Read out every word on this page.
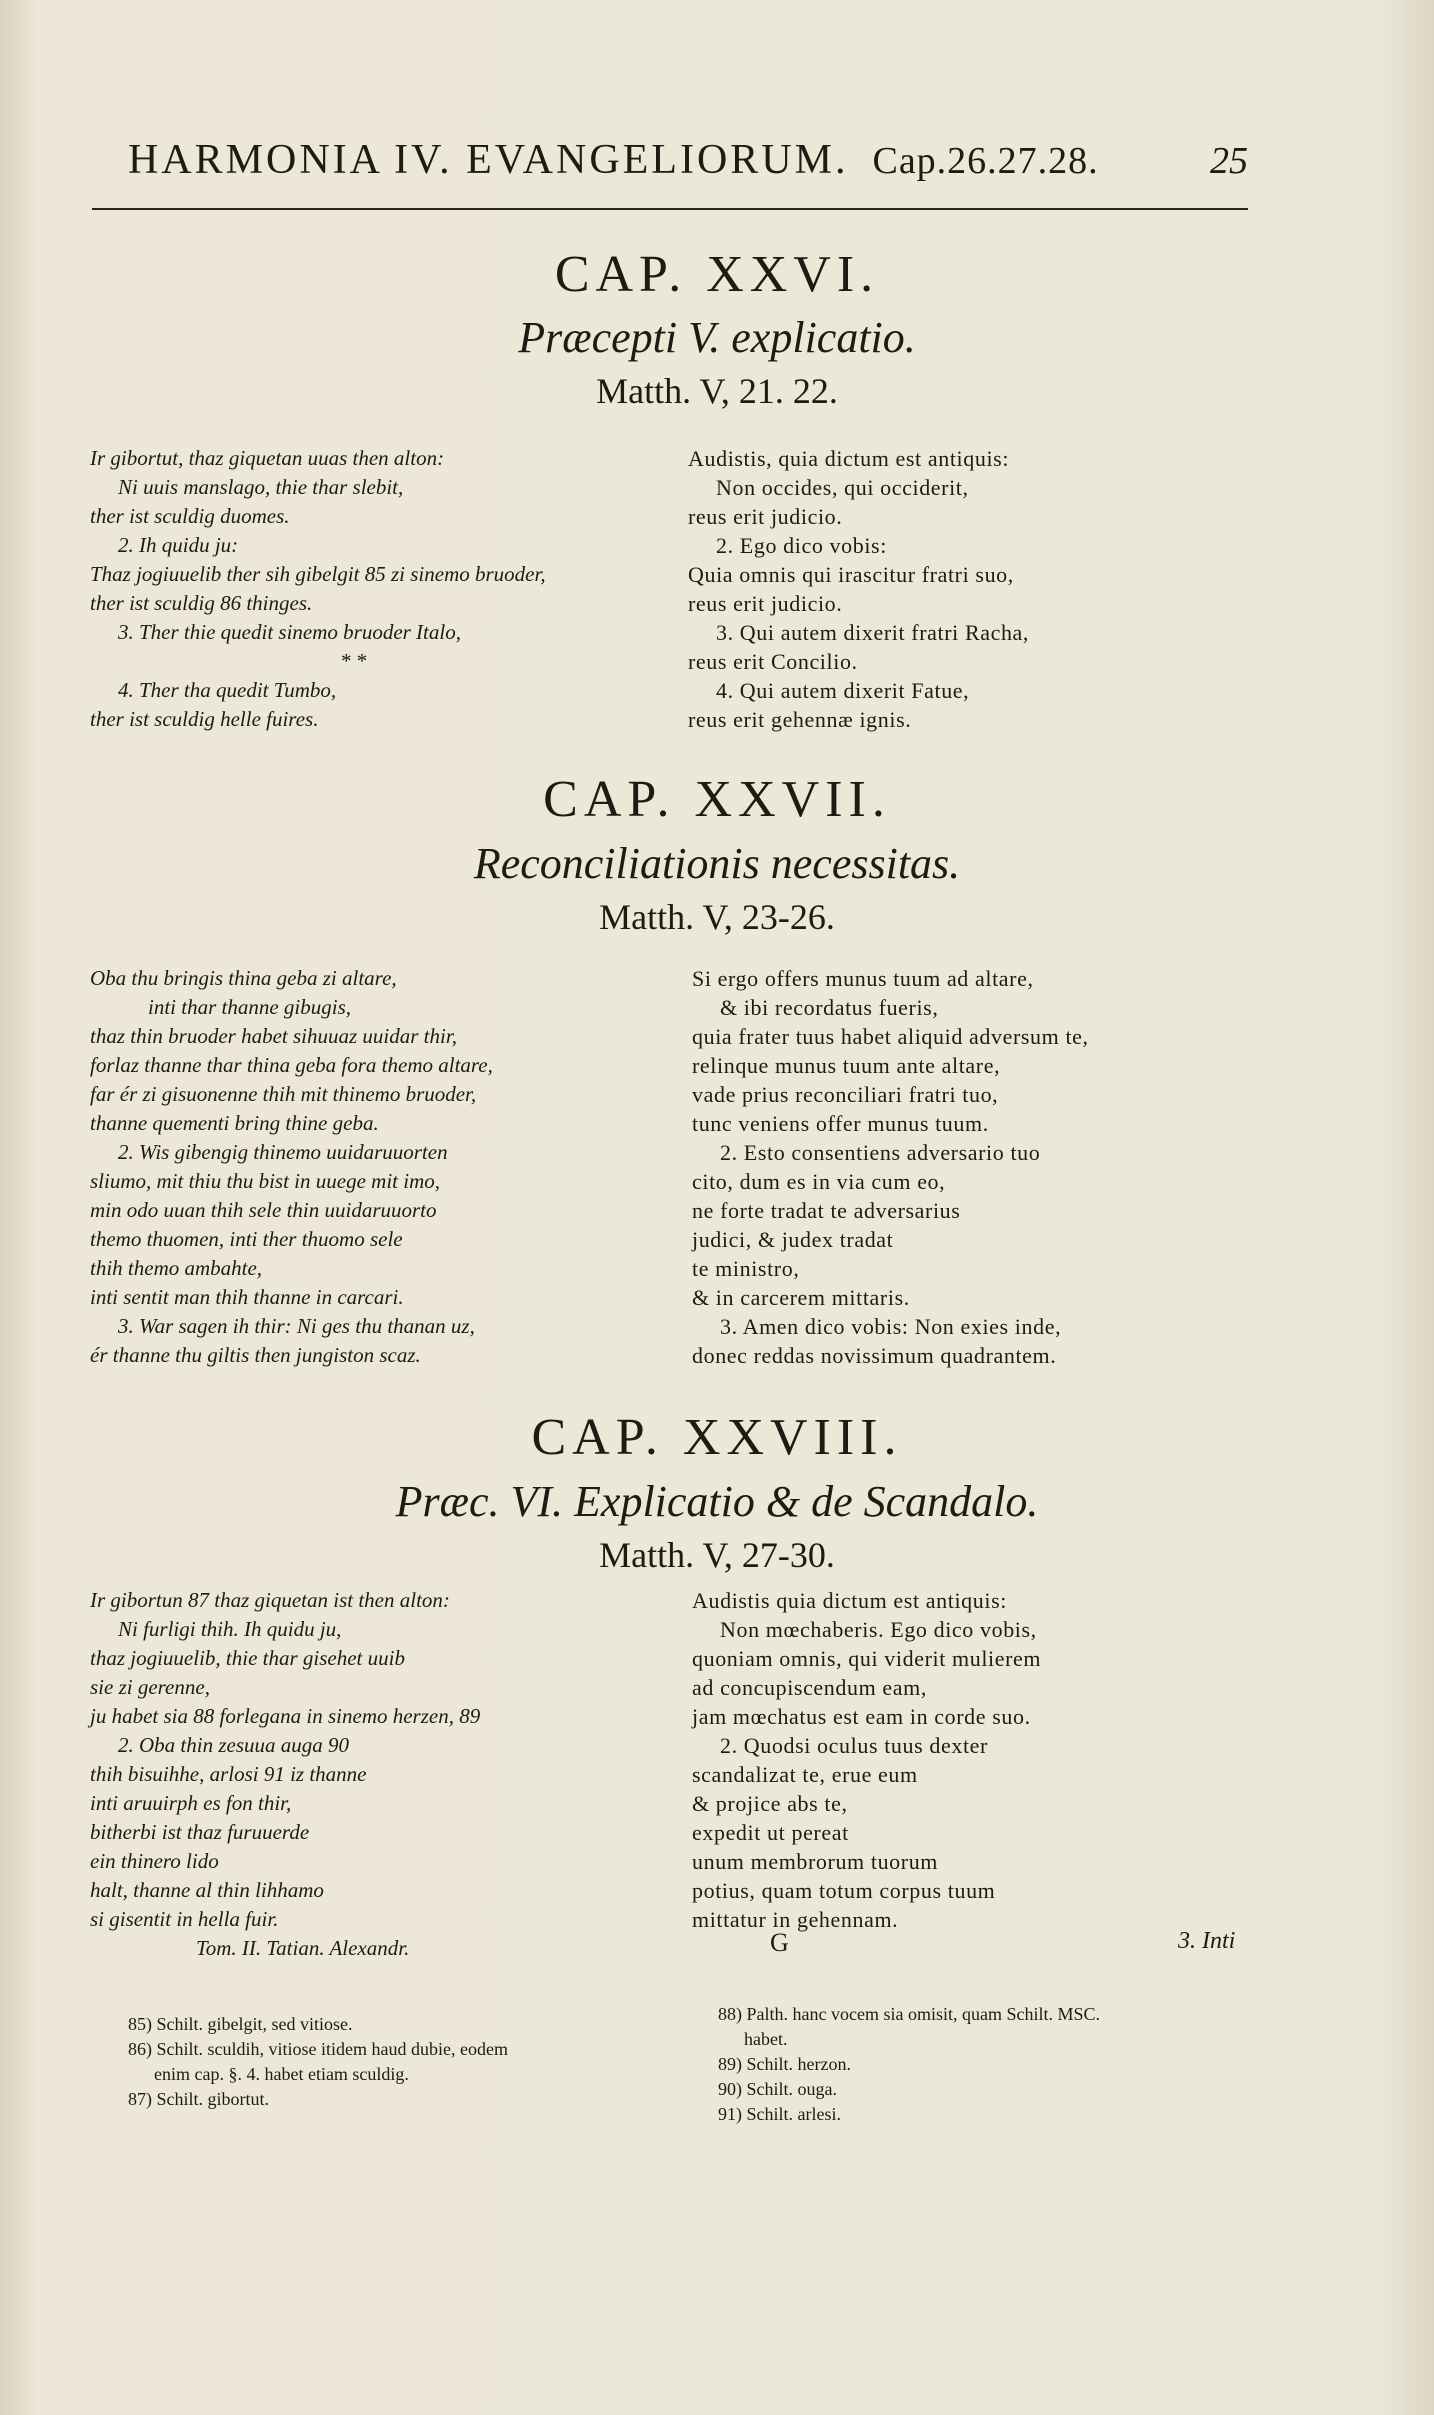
HARMONIA IV. EVANGELIORUM. Cap.26.27.28.	25
CAP. XXVI.
Præcepti V. explicatio.
Matth. V, 21. 22.
Ir gibortut, thaz giquetan uuas then alton:
Ni uuis manslago, thie thar slebit,
ther ist sculdig duomes.
2. Ih quidu ju:
Thaz jogiuuelib ther sih gibelgit 85 zi sinemo bruoder,
ther ist sculdig 86 thinges.
3. Ther thie quedit sinemo bruoder Italo,
* *
4. Ther tha quedit Tumbo,
ther ist sculdig helle fuires.
Audistis, quia dictum est antiquis:
Non occides, qui occiderit,
reus erit judicio.
2. Ego dico vobis:
Quia omnis qui irascitur fratri suo,
reus erit judicio.
3. Qui autem dixerit fratri Racha,
reus erit Concilio.
4. Qui autem dixerit Fatue,
reus erit gehennæ ignis.
CAP. XXVII.
Reconciliationis necessitas.
Matth. V, 23-26.
Oba thu bringis thina geba zi altare,
inti thar thanne gibugis,
thaz thin bruoder habet sihuuaz uuidar thir,
forlaz thanne thar thina geba fora themo altare,
far ér zi gisuonenne thih mit thinemo bruoder,
thanne quementi bring thine geba.
2. Wis gibengig thinemo uuidaruuorten
sliumo, mit thiu thu bist in uuege mit imo,
min odo uuan thih sele thin uuidaruuorto
themo thuomen, inti ther thuomo sele
thih themo ambahte,
inti sentit man thih thanne in carcari.
3. War sagen ih thir: Ni ges thu thanan uz,
ér thanne thu giltis then jungiston scaz.
Si ergo offers munus tuum ad altare,
& ibi recordatus fueris,
quia frater tuus habet aliquid adversum te,
relinque munus tuum ante altare,
vade prius reconciliari fratri tuo,
tunc veniens offer munus tuum.
2. Esto consentiens adversario tuo
cito, dum es in via cum eo,
ne forte tradat te adversarius
judici, & judex tradat
te ministro,
& in carcerem mittaris.
3. Amen dico vobis: Non exies inde,
donec reddas novissimum quadrantem.
CAP. XXVIII.
Præc. VI. Explicatio & de Scandalo.
Matth. V, 27-30.
Ir gibortun 87 thaz giquetan ist then alton:
Ni furligi thih. Ih quidu ju,
thaz jogiuuelib, thie thar gisehet uuib
sie zi gerenne,
ju habet sia 88 forlegana in sinemo herzen, 89
2. Oba thin zesuua auga 90
thih bisuihhe, arlosi 91 iz thanne
inti aruuirph es fon thir,
bitherbi ist thaz furuuerde
ein thinero lido
halt, thanne al thin lihhamo
si gisentit in hella fuir.
Tom. II. Tatian. Alexandr.
Audistis quia dictum est antiquis:
Non mœchaberis. Ego dico vobis,
quoniam omnis, qui viderit mulierem
ad concupiscendum eam,
jam mœchatus est eam in corde suo.
2. Quodsi oculus tuus dexter
scandalizat te, erue eum
& projice abs te,
expedit ut pereat
unum membrorum tuorum
potius, quam totum corpus tuum
mittatur in gehennam.
G	3. Inti
85) Schilt. gibelgit, sed vitiose.
86) Schilt. sculdih, vitiose itidem haud dubie, eodem
enim cap. §. 4. habet etiam sculdig.
87) Schilt. gibortut.
88) Palth. hanc vocem sia omisit, quam Schilt. MSC.
habet.
89) Schilt. herzon.
90) Schilt. ouga.
91) Schilt. arlesi.
